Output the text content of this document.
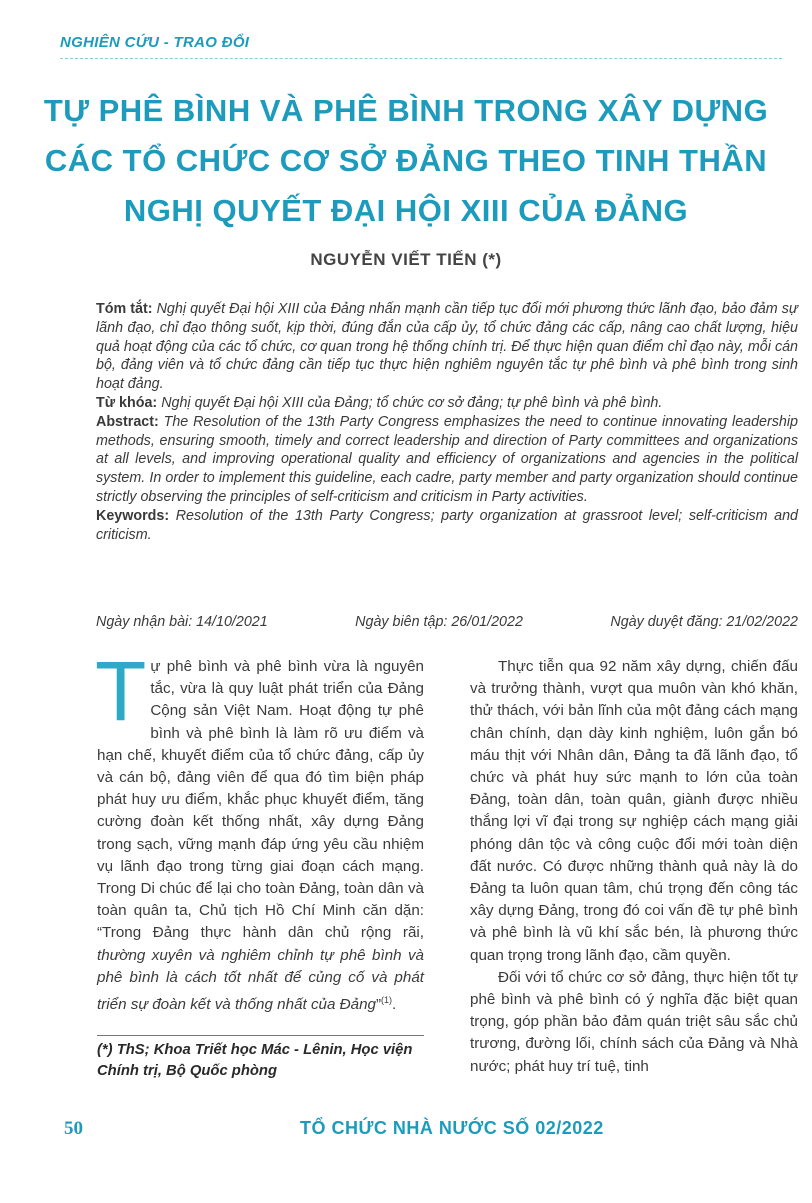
NGHIÊN CỨU - TRAO ĐỔI
TỰ PHÊ BÌNH VÀ PHÊ BÌNH TRONG XÂY DỰNG
CÁC TỔ CHỨC CƠ SỞ ĐẢNG THEO TINH THẦN
NGHỊ QUYẾT ĐẠI HỘI XIII CỦA ĐẢNG
NGUYỄN VIẾT TIẾN (*)

Tóm tắt: Nghị quyết Đại hội XIII của Đảng nhấn mạnh cần tiếp tục đổi mới phương thức lãnh đạo, bảo đảm sự lãnh đạo, chỉ đạo thông suốt, kịp thời, đúng đắn của cấp ủy, tổ chức đảng các cấp, nâng cao chất lượng, hiệu quả hoạt động của các tổ chức, cơ quan trong hệ thống chính trị. Để thực hiện quan điểm chỉ đạo này, mỗi cán bộ, đảng viên và tổ chức đảng cần tiếp tục thực hiện nghiêm nguyên tắc tự phê bình và phê bình trong sinh hoạt đảng.

Từ khóa: Nghị quyết Đại hội XIII của Đảng; tổ chức cơ sở đảng; tự phê bình và phê bình.

Abstract: The Resolution of the 13th Party Congress emphasizes the need to continue innovating leadership methods, ensuring smooth, timely and correct leadership and direction of Party committees and organizations at all levels, and improving operational quality and efficiency of organizations and agencies in the political system. In order to implement this guideline, each cadre, party member and party organization should continue strictly observing the principles of self-criticism and criticism in Party activities.

Keywords: Resolution of the 13th Party Congress; party organization at grassroot level; self-criticism and criticism.

Ngày nhận bài: 14/10/2021	Ngày biên tập: 26/01/2022	Ngày duyệt đăng: 21/02/2022

Tự phê bình và phê bình vừa là nguyên tắc, vừa là quy luật phát triển của Đảng Cộng sản Việt Nam. Hoạt động tự phê bình và phê bình là làm rõ ưu điểm và hạn chế, khuyết điểm của tổ chức đảng, cấp ủy và cán bộ, đảng viên để qua đó tìm biện pháp phát huy ưu điểm, khắc phục khuyết điểm, tăng cường đoàn kết thống nhất, xây dựng Đảng trong sạch, vững mạnh đáp ứng yêu cầu nhiệm vụ lãnh đạo trong từng giai đoạn cách mạng. Trong Di chúc để lại cho toàn Đảng, toàn dân và toàn quân ta, Chủ tịch Hồ Chí Minh căn dặn: “Trong Đảng thực hành dân chủ rộng rãi, thường xuyên và nghiêm chỉnh tự phê bình và phê bình là cách tốt nhất để củng cố và phát triển sự đoàn kết và thống nhất của Đảng”$^{(1)}$.

(*) ThS; Khoa Triết học Mác - Lênin, Học viện Chính trị, Bộ Quốc phòng

Thực tiễn qua 92 năm xây dựng, chiến đấu và trưởng thành, vượt qua muôn vàn khó khăn, thử thách, với bản lĩnh của một đảng cách mạng chân chính, dạn dày kinh nghiệm, luôn gắn bó máu thịt với Nhân dân, Đảng ta đã lãnh đạo, tổ chức và phát huy sức mạnh to lớn của toàn Đảng, toàn dân, toàn quân, giành được nhiều thắng lợi vĩ đại trong sự nghiệp cách mạng giải phóng dân tộc và công cuộc đổi mới toàn diện đất nước. Có được những thành quả này là do Đảng ta luôn quan tâm, chú trọng đến công tác xây dựng Đảng, trong đó coi vấn đề tự phê bình và phê bình là vũ khí sắc bén, là phương thức quan trọng trong lãnh đạo, cầm quyền.

Đối với tổ chức cơ sở đảng, thực hiện tốt tự phê bình và phê bình có ý nghĩa đặc biệt quan trọng, góp phần bảo đảm quán triệt sâu sắc chủ trương, đường lối, chính sách của Đảng và Nhà nước; phát huy trí tuệ, tinh

50	TỔ CHỨC NHÀ NƯỚC SỐ 02/2022
